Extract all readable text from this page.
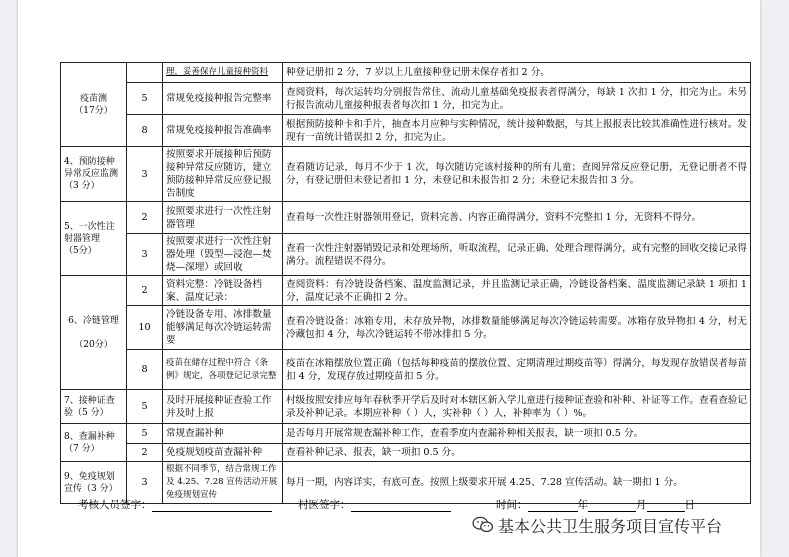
疫苗测
（17分）		理，妥善保存儿童接种资料	种登记册扣 2 分，7 岁以上儿童接种登记册未保存者扣 2 分。
	5	常规免疫接种报告完整率	查阅资料，每次运转均分别报告常住、流动儿童基础免疫报表者得满分，每缺 1 次扣 1 分，扣完为止。未另行报告流动儿童接种报表者每次扣 1 分，扣完为止。
	8	常规免疫接种报告准确率	根据预防接种卡和手片，抽查本月应种与实种情况，统计接种数据，与其上报报表比较其准确性进行核对。发现有一苗统计错误扣 2 分，扣完为止。
4、预防接种异常反应监测
（3 分）	3	按照要求开展接种后预防接种异常反应随访，建立预防接种异常反应登记报告制度	查看随访记录，每月不少于 1 次，每次随访完该村接种的所有儿童；查阅异常反应登记册，无登记册者不得分，有登记册但未登记者扣 1 分，未登记和未报告扣 2 分；未登记未报告扣 3 分。
5、一次性注射器管理
（5分）	2	按照要求进行一次性注射器管理	查看每一次性注射器领用登记，资料完善、内容正确得满分，资料不完整扣 1 分，无资料不得分。
	3	按照要求进行一次性注射器处理（毁型—浸泡—焚烧—深埋）或回收	查看一次性注射器销毁记录和处理场所，听取流程，记录正确、处理合理得满分，或有完整的回收交接记录得满分。流程错误不得分。
6、冷链管理

（20分）	2	资料完整：冷链设备档案、温度记录：	查阅资料：有冷链设备档案、温度监测记录，并且监测记录正确，冷链设备档案、温度监测记录缺 1 项扣 1 分，温度记录不正确扣 2 分。
	10	冷链设备专用、冰排数量能够满足每次冷链运转需要	查看冷链设备：冰箱专用，未存放异物，冰排数量能够满足每次冷链运转需要。冰箱存放异物扣 4 分，村无冷藏包扣 4 分，每次冷链运转不带冰排扣 5 分。
	8	疫苗在储存过程中符合《条例》规定，各项登记记录完整	疫苗在冰箱摆放位置正确（包括每种疫苗的摆放位置、定期清理过期疫苗等）得满分，每发现存放错误者每苗扣 4 分，发现存放过期疫苗扣 5 分。
7、接种证查验（5 分）	5	及时开展接种证查验工作并及时上报	村级按照安排应每年春秋季开学后及时对本辖区新入学儿童进行接种证查验和补种、补证等工作。查看查验记录及补种记录。本期应补种（ ）人，实补种（ ）人，补种率为（ ）%。
8、查漏补种（7 分）	5	常规查漏补种	是否每月开展常规查漏补种工作，查看季度内查漏补种相关报表，缺一项扣 0.5 分。
	2	免疫规划疫苗查漏补种	查看补种记录、报表，缺一项扣 0.5 分。
9、免疫规划宣传（3 分）	3	根据不同季节，结合常规工作及 4.25、7.28 宣传活动开展免疫规划宣传	每月一期，内容详实，有底可查。按照上级要求开展 4.25、7.28 宣传活动。缺一期扣 1 分。
考核人员签字：	村医签字：	时间：	年	月	日
基本公共卫生服务项目宣传平台
